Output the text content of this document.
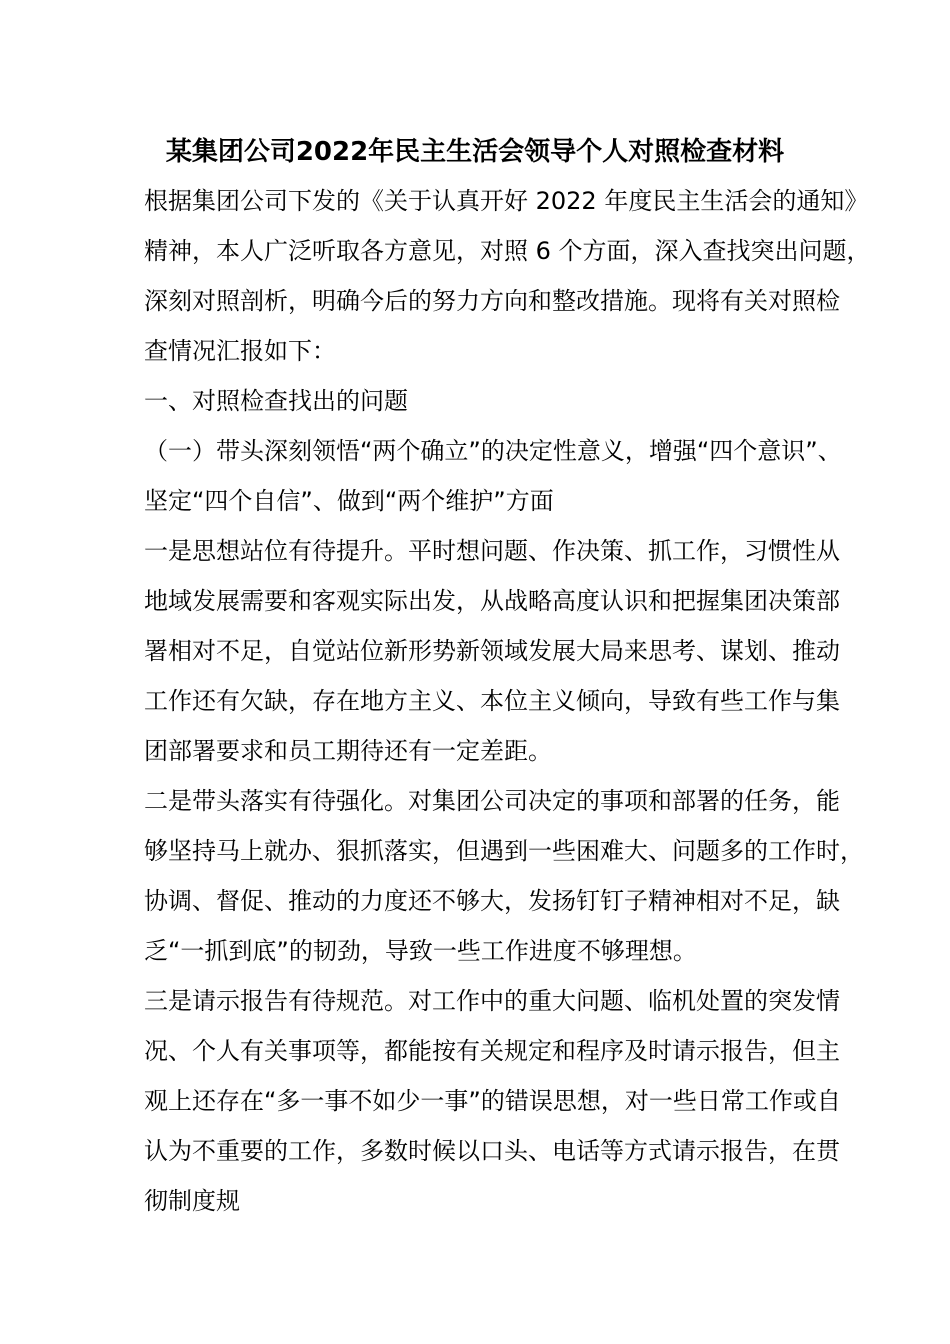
某集团公司2022年民主生活会领导个人对照检查材料
根据集团公司下发的《关于认真开好 2022 年度民主生活会的通知》
精神，本人广泛听取各方意见，对照 6 个方面，深入查找突出问题，
深刻对照剖析，明确今后的努力方向和整改措施。现将有关对照检
查情况汇报如下：
一、对照检查找出的问题
（一）带头深刻领悟“两个确立”的决定性意义，增强“四个意识”、
坚定“四个自信”、做到“两个维护”方面
一是思想站位有待提升。平时想问题、作决策、抓工作，习惯性从
地域发展需要和客观实际出发，从战略高度认识和把握集团决策部
署相对不足，自觉站位新形势新领域发展大局来思考、谋划、推动
工作还有欠缺，存在地方主义、本位主义倾向，导致有些工作与集
团部署要求和员工期待还有一定差距。
二是带头落实有待强化。对集团公司决定的事项和部署的任务，能
够坚持马上就办、狠抓落实，但遇到一些困难大、问题多的工作时，
协调、督促、推动的力度还不够大，发扬钉钉子精神相对不足，缺
乏“一抓到底”的韧劲，导致一些工作进度不够理想。
三是请示报告有待规范。对工作中的重大问题、临机处置的突发情
况、个人有关事项等，都能按有关规定和程序及时请示报告，但主
观上还存在“多一事不如少一事”的错误思想，对一些日常工作或自
认为不重要的工作，多数时候以口头、电话等方式请示报告，在贯
彻制度规
